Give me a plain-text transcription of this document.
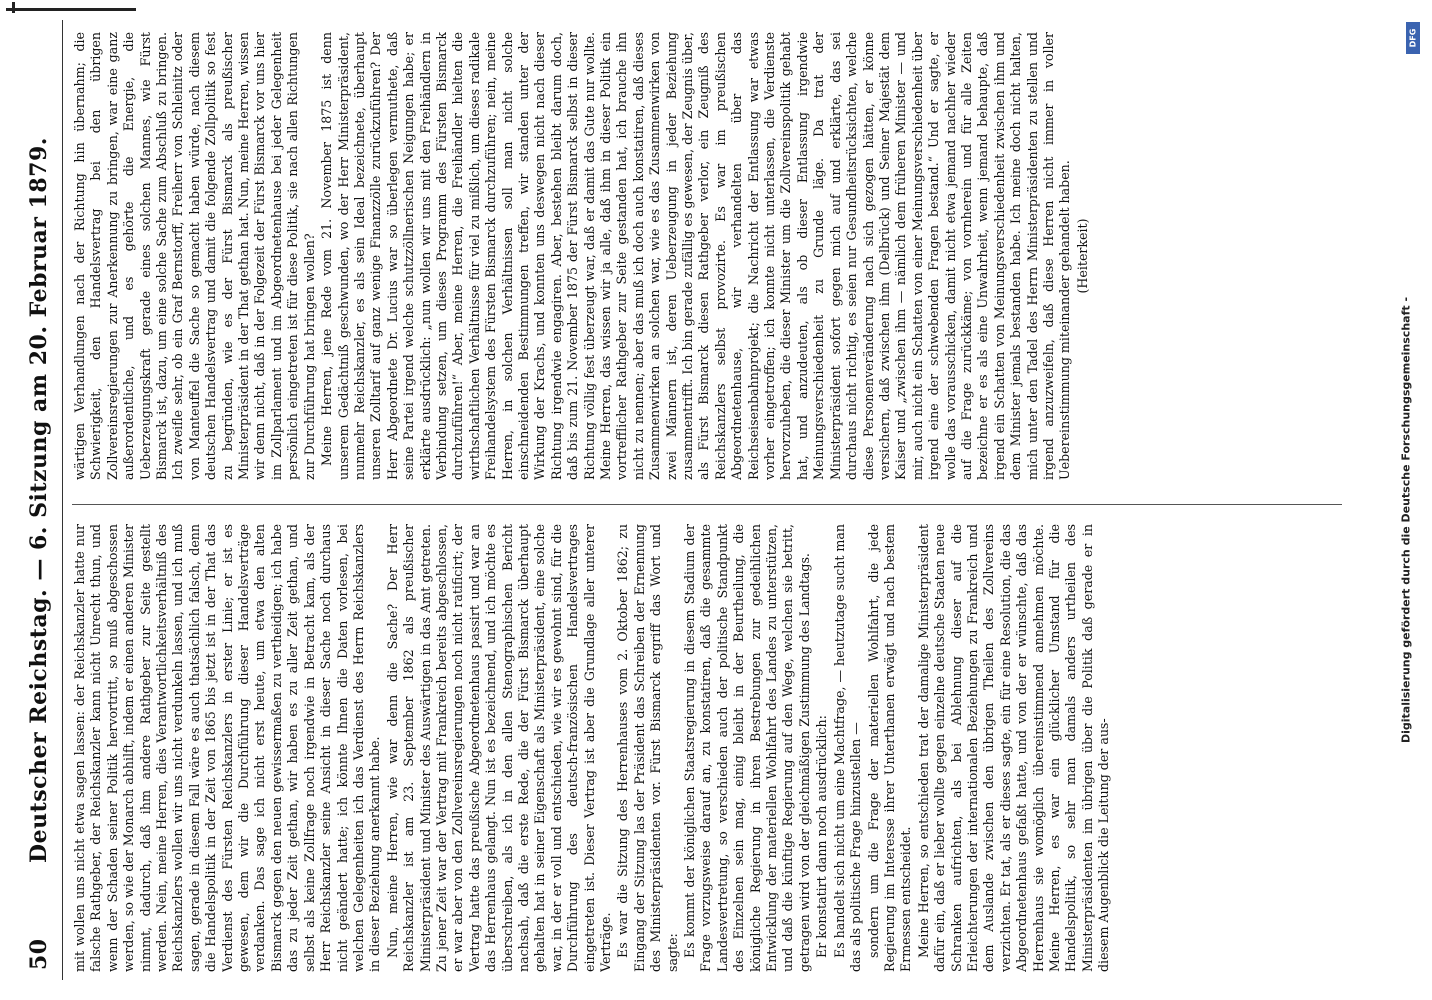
50
Deutscher Reichstag. — 6. Sitzung am 20. Februar 1879. mit wollen uns nicht etwa sagen lassen: der Reichskanzler hatte nur falsche Rathgeber, der Reichskanzler kann nicht Unrecht thun, und wenn der Schaden seiner Politik hervortritt, so muß abgeschossen werden, so wie der Monarch abhilft, indem er einen anderen Minister nimmt, dadurch, daß ihm andere Rathgeber zur Seite gestellt werden. Nein, meine Herren, dies Verantwortlichkeitsverhältniß des Reichskanzlers wollen wir uns nicht verdunkeln lassen, und ich muß sagen, gerade in diesem Fall wäre es auch thatsächlich falsch, denn die Handelspolitik in der Zeit von 1865 bis jetzt ist in der That das Verdienst des Fürsten Reichskanzlers in erster Linie; er ist es gewesen, dem wir die Durchführung dieser Handelsverträge verdanken. Das sage ich nicht erst heute, um etwa den alten Bismarck gegen den neuen gewissermaßen zu vertheidigen; ich habe das zu jeder Zeit gethan, wir haben es zu aller Zeit gethan, und selbst als keine Zollfrage noch irgendwie in Betracht kam, als der Herr Reichskanzler seine Ansicht in dieser Sache noch durchaus nicht geändert hatte; ich könnte Ihnen die Daten vorlesen, bei welchen Gelegenheiten ich das Verdienst des Herrn Reichskanzlers in dieser Beziehung anerkannt habe. Nun, meine Herren, wie war denn die Sache? Der Herr Reichskanzler ist am 23. September 1862 als preußischer Ministerpräsident und Minister des Auswärtigen in das Amt getreten. Zu jener Zeit war der Vertrag mit Frankreich bereits abgeschlossen, er war aber von den Zollvereinsregierungen noch nicht ratificirt; der Vertrag hatte das preußische Abgeordnetenhaus passirt und war an das Herrenhaus gelangt. Nun ist es bezeichnend, und ich möchte es überschreiben, als ich in den allen Stenographischen Bericht nachsah, daß die erste Rede, die der Fürst Bismarck überhaupt gehalten hat in seiner Eigenschaft als Ministerpräsident, eine solche war, in der er voll und entschieden, wie wir es gewohnt sind, für die Durchführung des deutsch-französischen Handelsvertrages eingetreten ist. Dieser Vertrag ist aber die Grundlage aller unterer Verträge. Es war die Sitzung des Herrenhauses vom 2. Oktober 1862; zu Eingang der Sitzung las der Präsident das Schreiben der Ernennung des Ministerpräsidenten vor. Fürst Bismarck ergriff das Wort und sagte: Es kommt der königlichen Staatsregierung in diesem Stadium der Frage vorzugsweise darauf an, zu konstatiren, daß die gesammte Landesvertretung, so verschieden auch der politische Standpunkt des Einzelnen sein mag, einig bleibt in der Beurtheilung, die königliche Regierung in ihren Bestrebungen zur gedeihlichen Entwicklung der materiellen Wohlfahrt des Landes zu unterstützen, und daß die künftige Regierung auf den Wege, welchen sie betritt, getragen wird von der gleichmäßigen Zustimmung des Landtags. Er konstatirt dann noch ausdrücklich: Es handelt sich nicht um eine Machtfrage, — heutzutage sucht man das als politische Frage hinzustellen — sondern um die Frage der materiellen Wohlfahrt, die jede Regierung im Interesse ihrer Unterthanen erwägt und nach bestem Ermessen entscheidet. Meine Herren, so entschieden trat der damalige Ministerpräsident dafür ein, daß er lieber wollte gegen einzelne deutsche Staaten neue Schranken aufrichten, als bei Ablehnung dieser auf die Erleichterungen der internationalen Beziehungen zu Frankreich und dem Auslande zwischen den übrigen Theilen des Zollvereins verzichten. Er tat, als er dieses sagte, ein für eine Resolution, die das Abgeordnetenhaus gefaßt hatte, und von der er wünschte, daß das Herrenhaus sie womöglich übereinstimmend annehmen möchte. Meine Herren, es war ein glücklicher Umstand für die Handelspolitik, so sehr man damals anders urtheilen des Ministerpräsidenten im übrigen über die Politik daß gerade er in diesem Augenblick die Leitung der aus-

wärtigen Verhandlungen nach der Richtung hin übernahm; die Schwierigkeit, den Handelsvertrag bei den übrigen Zollvereinsregierungen zur Anerkennung zu bringen, war eine ganz außerordentliche, und es gehörte die Energie, die Ueberzeugungskraft gerade eines solchen Mannes, wie Fürst Bismarck ist, dazu, um eine solche Sache zum Abschluß zu bringen. Ich zweifle sehr, ob ein Graf Bernstorff, Freiherr von Schleinitz oder von Manteuffel die Sache so gemacht haben würde, nach diesem deutschen Handelsvertrag und damit die folgende Zollpolitik so fest zu begründen, wie es der Fürst Bismarck als preußischer Ministerpräsident in der That gethan hat. Nun, meine Herren, wissen wir denn nicht, daß in der Folgezeit der Fürst Bismarck vor uns hier im Zollparlament und im Abgeordnetenhause bei jeder Gelegenheit persönlich eingetreten ist für diese Politik, sie nach allen Richtungen zur Durchführung hat bringen wollen? Meine Herren, jene Rede vom 21. November 1875 ist denn unserem Gedächtniß geschwunden, wo der Herr Ministerpräsident, nunmehr Reichskanzler, es als sein Ideal bezeichnete, überhaupt unseren Zolltarif auf ganz wenige Finanzzölle zurückzuführen? Der Herr Abgeordnete Dr. Lucius war so überlegen vermuthete, daß seine Partei irgend welche schutzzöllnerischen Neigungen habe; er erklärte ausdrücklich: „nun wollen wir uns mit den Freihändlern in Verbindung setzen, um dieses Programm des Fürsten Bismarck durchzuführen!“ Aber, meine Herren, die Freihändler hielten die wirthschaftlichen Verhältnisse für viel zu mißlich, um dieses radikale Freihandelsystem des Fürsten Bismarck durchzuführen; nein, meine Herren, in solchen Verhältnissen soll man nicht solche einschneidenden Bestimmungen treffen, wir standen unter der Wirkung der Krachs, und konnten uns deswegen nicht nach dieser Richtung irgendwie engagiren. Aber, bestehen bleibt darum doch, daß bis zum 21. November 1875 der Fürst Bismarck selbst in dieser Richtung völlig fest überzeugt war, daß er damit das Gute nur wollte. Meine Herren, das wissen wir ja alle, daß ihm in dieser Politik ein vortrefflicher Rathgeber zur Seite gestanden hat, ich brauche ihn nicht zu nennen; aber das muß ich doch auch konstatiren, daß dieses Zusammenwirken an solchen war, wie es das Zusammenwirken von zwei Männern ist, deren Ueberzeugung in jeder Beziehung zusammentrifft. Ich bin gerade zufällig es gewesen, der Zeugnis über, als Fürst Bismarck diesen Rathgeber verlor, ein Zeugniß des Reichskanzlers selbst provozirte. Es war im preußischen Abgeordnetenhause, wir verhandelten über das Reichseisenbahnprojekt; die Nachricht der Entlassung war etwas vorher eingetroffen; ich konnte nicht unterlassen, die Verdienste hervorzuheben, die dieser Minister um die Zollvereinspolitik gehabt hat, und anzudeuten, als ob dieser Entlassung irgendwie Meinungsverschiedenheit zu Grunde läge. Da trat der Ministerpräsident sofort gegen mich auf und erklärte, das sei durchaus nicht richtig, es seien nur Gesundheitsrücksichten, welche diese Personenveränderung nach sich gezogen hätten, er könne versichern, daß zwischen ihm (Delbrück) und Seiner Majestät dem Kaiser und „zwischen ihm — nämlich dem früheren Minister — und mir, auch nicht ein Schatten von einer Meinungsverschiedenheit über irgend eine der schwebenden Fragen bestand.“ Und er sagte, er wolle das vorausschicken, damit nicht etwa jemand nachher wieder auf die Frage zurückkäme; von vornherein und für alle Zeiten bezeichne er es als eine Unwahrheit, wenn jemand behaupte, daß irgend ein Schatten von Meinungsverschiedenheit zwischen ihm und dem Minister jemals bestanden habe. Ich meine doch nicht halten, mich unter den Tadel des Herrn Ministerpräsidenten zu stellen und irgend anzuzweifeln, daß diese Herren nicht immer in voller Uebereinstimmung miteinander gehandelt haben. (Heiterkeit)

DFG
Digitalisierung gefördert durch die Deutsche Forschungsgemeinschaft -
